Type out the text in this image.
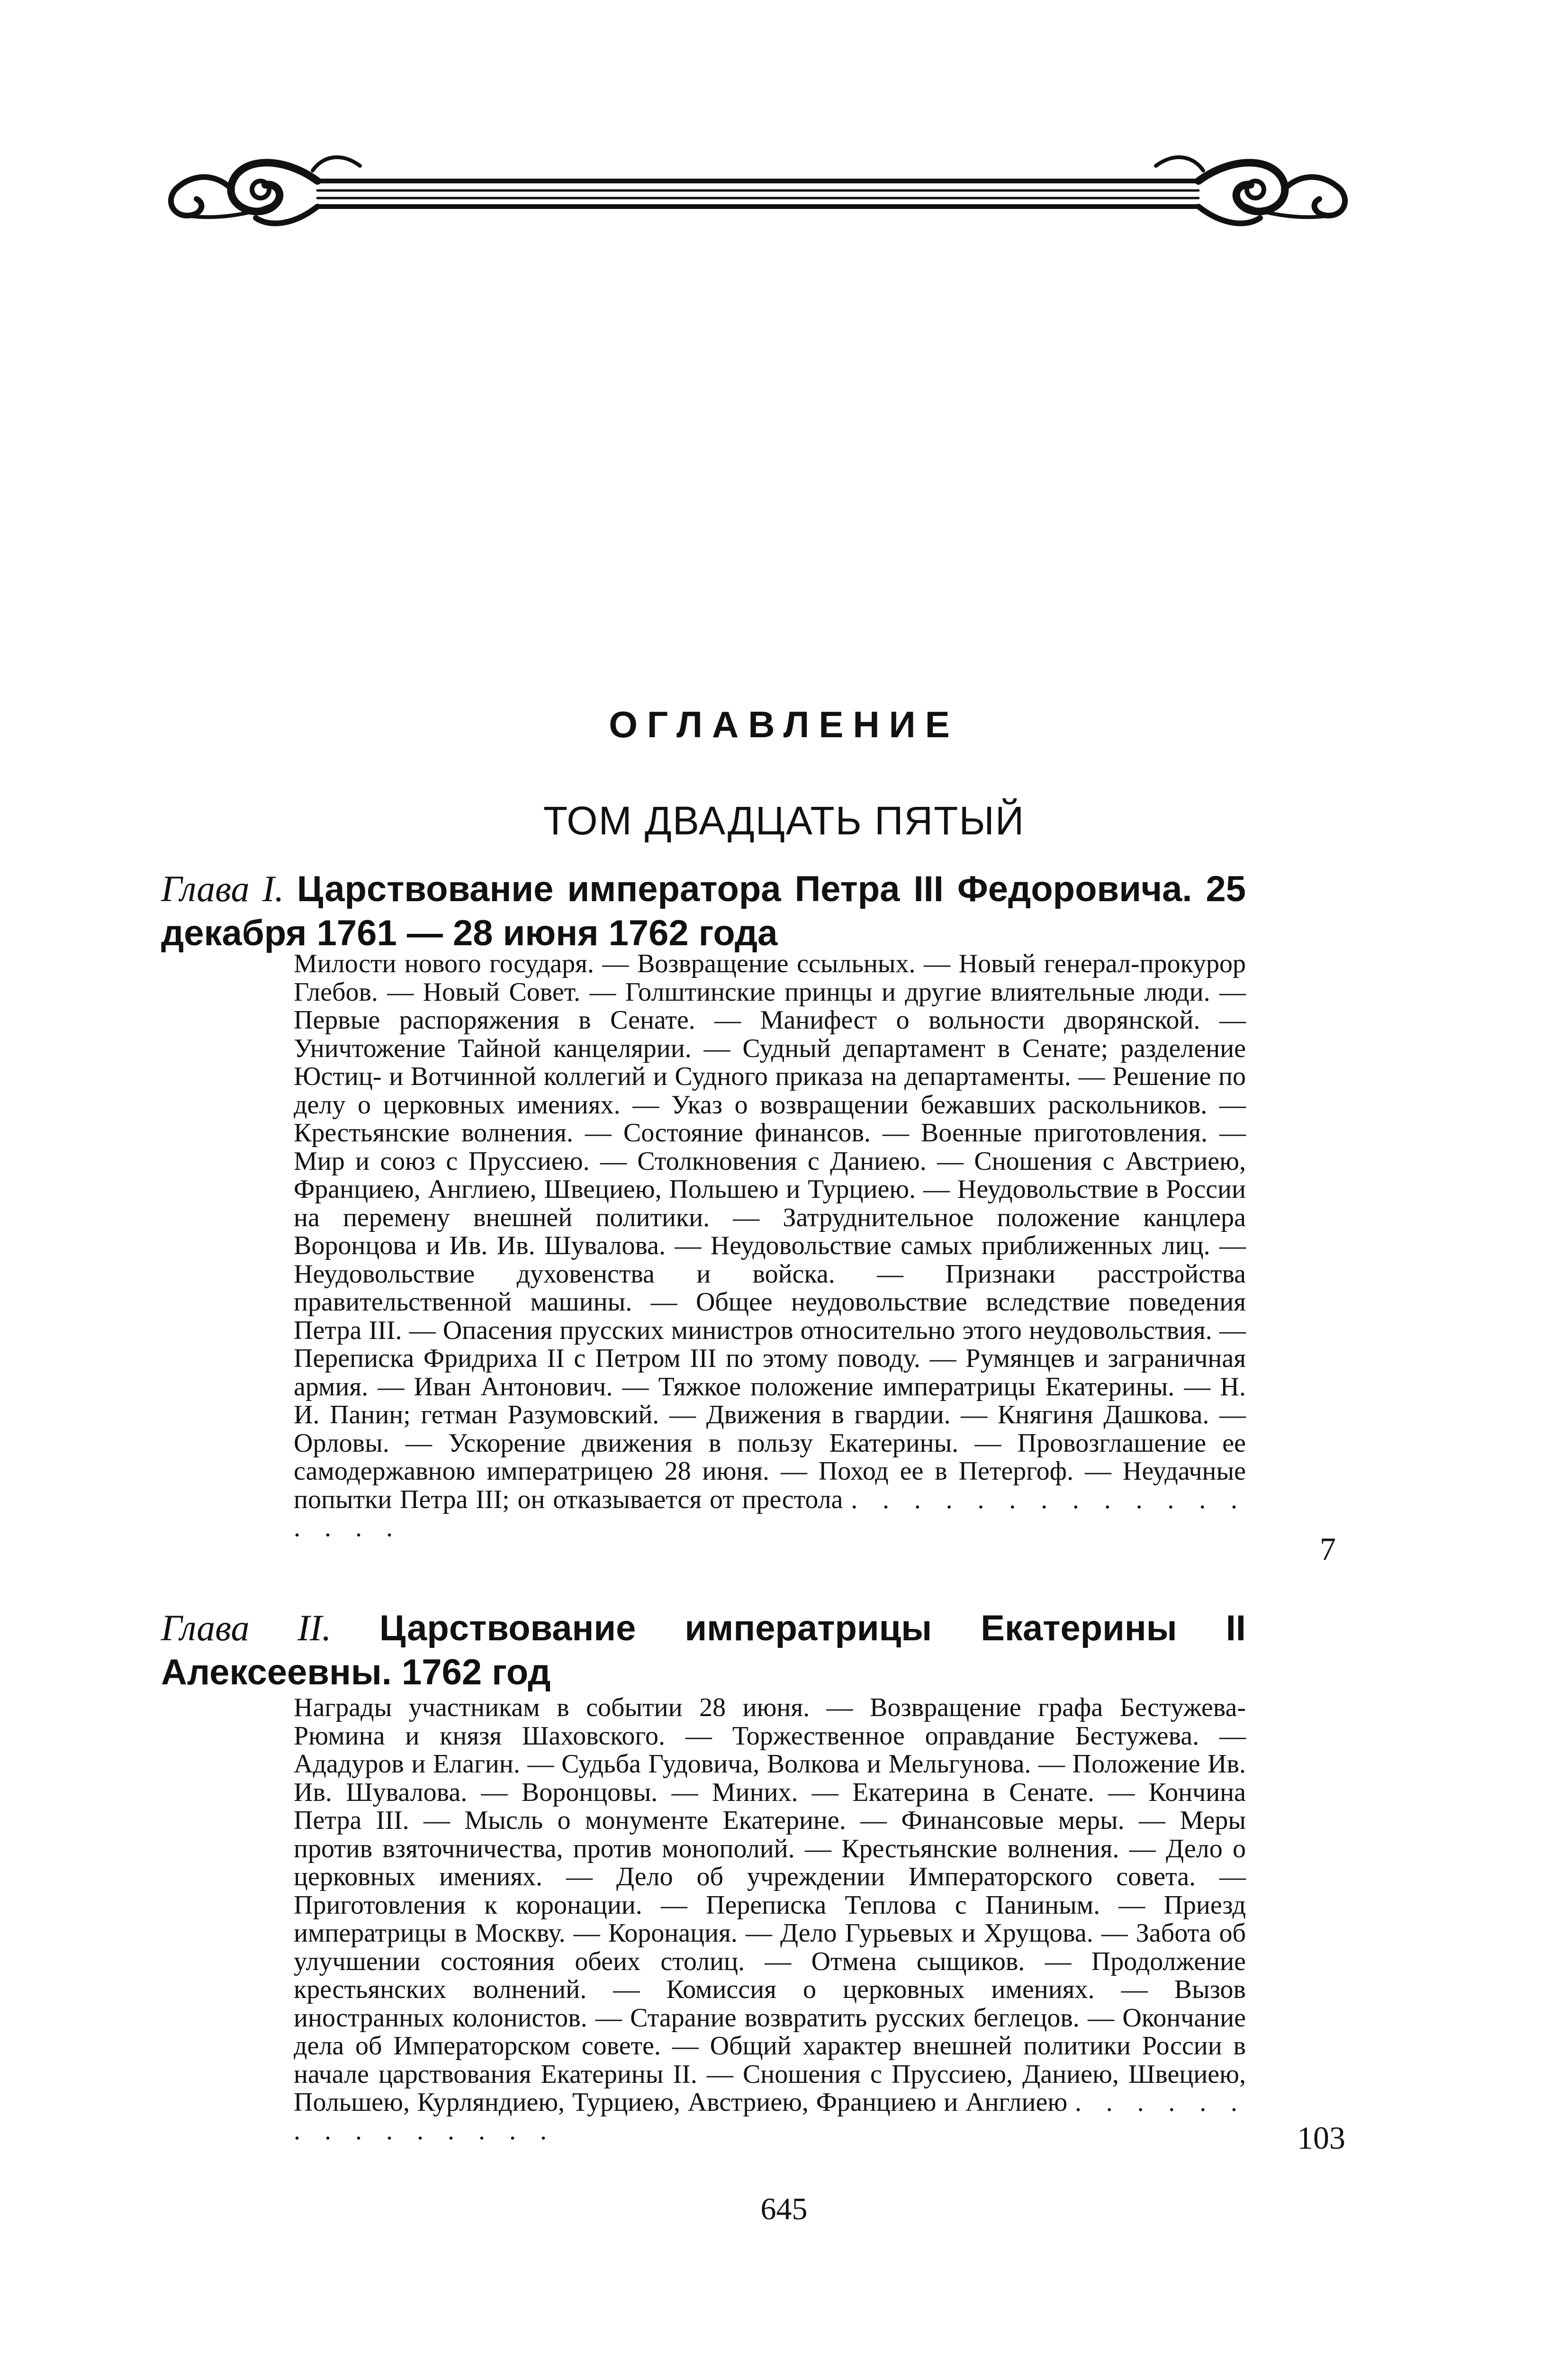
ОГЛАВЛЕНИЕ
ТОМ ДВАДЦАТЬ ПЯТЫЙ
Глава I. Царствование императора Петра III Федоровича. 25 декабря 1761 — 28 июня 1762 года
Милости нового государя. — Возвращение ссыльных. — Новый генерал-прокурор Глебов. — Новый Совет. — Голштинские принцы и другие влиятельные люди. — Первые распоряжения в Сенате. — Манифест о вольности дворянской. — Уничтожение Тайной канцелярии. — Судный департамент в Сенате; разделение Юстиц- и Вотчинной коллегий и Судного приказа на департаменты. — Решение по делу о церковных имениях. — Указ о возвращении бежавших раскольников. — Крестьянские волнения. — Состояние финансов. — Военные приготовления. — Мир и союз с Пруссиею. — Столкновения с Даниею. — Сношения с Австриею, Франциею, Англиею, Швециею, Польшею и Турциею. — Неудовольствие в России на перемену внешней политики. — Затруднительное положение канцлера Воронцова и Ив. Ив. Шувалова. — Неудовольствие самых приближенных лиц. — Неудовольствие духовенства и войска. — Признаки расстройства правительственной машины. — Общее неудовольствие вследствие поведения Петра III. — Опасения прусских министров относительно этого неудовольствия. — Переписка Фридриха II с Петром III по этому поводу. — Румянцев и заграничная армия. — Иван Антонович. — Тяжкое положение императрицы Екатерины. — Н. И. Панин; гетман Разумовский. — Движения в гвардии. — Княгиня Дашкова. — Орловы. — Ускорение движения в пользу Екатерины. — Провозглашение ее самодержавною императрицею 28 июня. — Поход ее в Петергоф. — Неудачные попытки Петра III; он отказывается от престола . . . . . . . . . . . . . . . . .
7
Глава II. Царствование императрицы Екатерины II Алексеевны. 1762 год
Награды участникам в событии 28 июня. — Возвращение графа Бестужева-Рюмина и князя Шаховского. — Торжественное оправдание Бестужева. — Ададуров и Елагин. — Судьба Гудовича, Волкова и Мельгунова. — Положение Ив. Ив. Шувалова. — Воронцовы. — Миних. — Екатерина в Сенате. — Кончина Петра III. — Мысль о монументе Екатерине. — Финансовые меры. — Меры против взяточничества, против монополий. — Крестьянские волнения. — Дело о церковных имениях. — Дело об учреждении Императорского совета. — Приготовления к коронации. — Переписка Теплова с Паниным. — Приезд императрицы в Москву. — Коронация. — Дело Гурьевых и Хрущова. — Забота об улучшении состояния обеих столиц. — Отмена сыщиков. — Продолжение крестьянских волнений. — Комиссия о церковных имениях. — Вызов иностранных колонистов. — Старание возвратить русских беглецов. — Окончание дела об Императорском совете. — Общий характер внешней политики России в начале царствования Екатерины II. — Сношения с Пруссиею, Даниею, Швециею, Польшею, Курляндиею, Турциею, Австриею, Франциею и Англиею . . . . . . . . . . . . . . .	103
645
